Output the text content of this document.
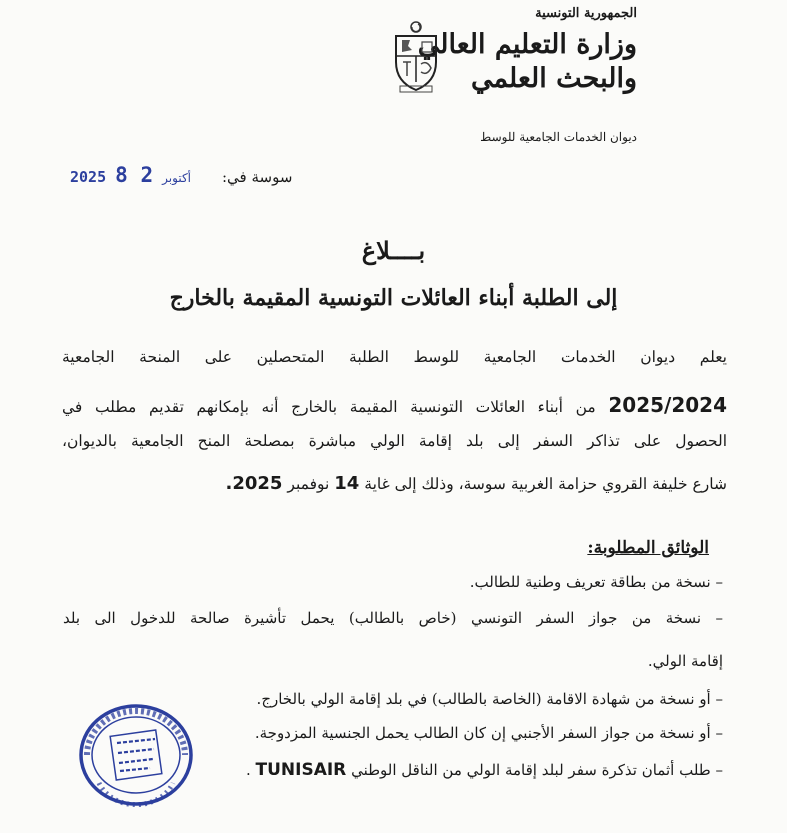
الجمهورية التونسية
وزارة التعليم العالي
والبحث العلمي
ديوان الخدمات الجامعية للوسط
سوسة في:
2025	أكتوبر 2 8
بــــلاغ
إلى الطلبة أبناء العائلات التونسية المقيمة بالخارج
يعلم ديوان الخدمات الجامعية للوسط الطلبة المتحصلين على المنحة الجامعية
2025/2024 من أبناء العائلات التونسية المقيمة بالخارج أنه بإمكانهم تقديم مطلب في
الحصول على تذاكر السفر إلى بلد إقامة الولي مباشرة بمصلحة المنح الجامعية بالديوان،
شارع خليفة القروي حزامة الغربية سوسة، وذلك إلى غاية 14 نوفمبر 2025.
الوثائق المطلوبة:
– نسخة من بطاقة تعريف وطنية للطالب.
– نسخة من جواز السفر التونسي (خاص بالطالب) يحمل تأشيرة صالحة للدخول الى بلد
إقامة الولي.
– أو نسخة من شهادة الاقامة (الخاصة بالطالب) في بلد إقامة الولي بالخارج.
– أو نسخة من جواز السفر الأجنبي إن كان الطالب يحمل الجنسية المزدوجة.
– طلب أثمان تذكرة سفر لبلد إقامة الولي من الناقل الوطني TUNISAIR .
